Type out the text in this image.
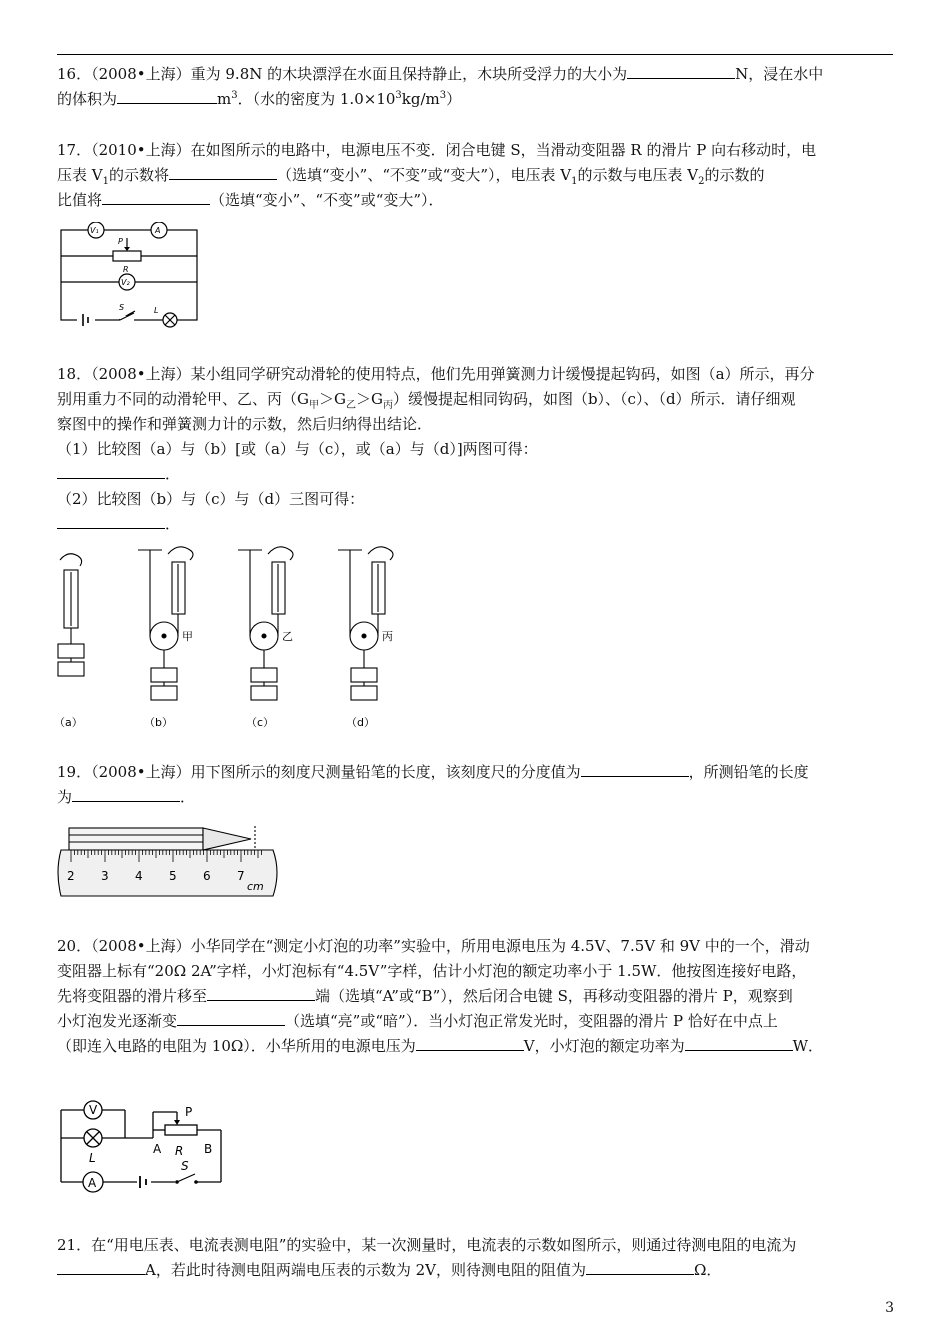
16．（2008•上海）重为 9.8N 的木块漂浮在水面且保持静止，木块所受浮力的大小为	N，浸在水中

的体积为	$m^3$．（水的密度为 $1.0\times 10^3kg/m^3$）

17．（2010•上海）在如图所示的电路中，电源电压不变．闭合电键 S，当滑动变阻器 R 的滑片 P 向右移动时，电

压表 $V_1$的示数将	（选填“变小”、“不变”或“变大”），电压表 $V_1$的示数与电压表 $V_2$的示数的

比值将	（选填“变小”、“不变”或“变大”）．

V₁	A
P
R
V₂
S	L

18．（2008•上海）某小组同学研究动滑轮的使用特点，他们先用弹簧测力计缓慢提起钩码，如图（a）所示，再分

别用重力不同的动滑轮甲、乙、丙$(G_甲>G_乙>G_丙)$缓慢提起相同钩码，如图（b）、（c）、（d）所示．请仔细观

察图中的操作和弹簧测力计的示数，然后归纳得出结论．

（1）比较图（a）与（b）[或（a）与（c），或（a）与（d）]两图可得：

．

（2）比较图（b）与（c）与（d）三图可得：

．

甲	乙	丙
（a）	（b）	（c）	（d）

19．（2008•上海）用下图所示的刻度尺测量铅笔的长度，该刻度尺的分度值为	，所测铅笔的长度

为	．

2 3 4 5 6 7
cm

20．（2008•上海）小华同学在“测定小灯泡的功率”实验中，所用电源电压为 4.5V、7.5V 和 9V 中的一个，滑动

变阻器上标有“20Ω 2A”字样，小灯泡标有“4.5V”字样，估计小灯泡的额定功率小于 1.5W．他按图连接好电路，

先将变阻器的滑片移至	端（选填“A”或“B”），然后闭合电键 S，再移动变阻器的滑片 P，观察到

小灯泡发光逐渐变	（选填“亮”或“暗”）．当小灯泡正常发光时，变阻器的滑片 P 恰好在中点上

（即连入电路的电阻为 10Ω）．小华所用的电源电压为	V，小灯泡的额定功率为	W．

V
L
P
A R B
A
S

21．在“用电压表、电流表测电阻”的实验中，某一次测量时，电流表的示数如图所示，则通过待测电阻的电流为

A，若此时待测电阻两端电压表的示数为 2V，则待测电阻的阻值为	Ω．

3
